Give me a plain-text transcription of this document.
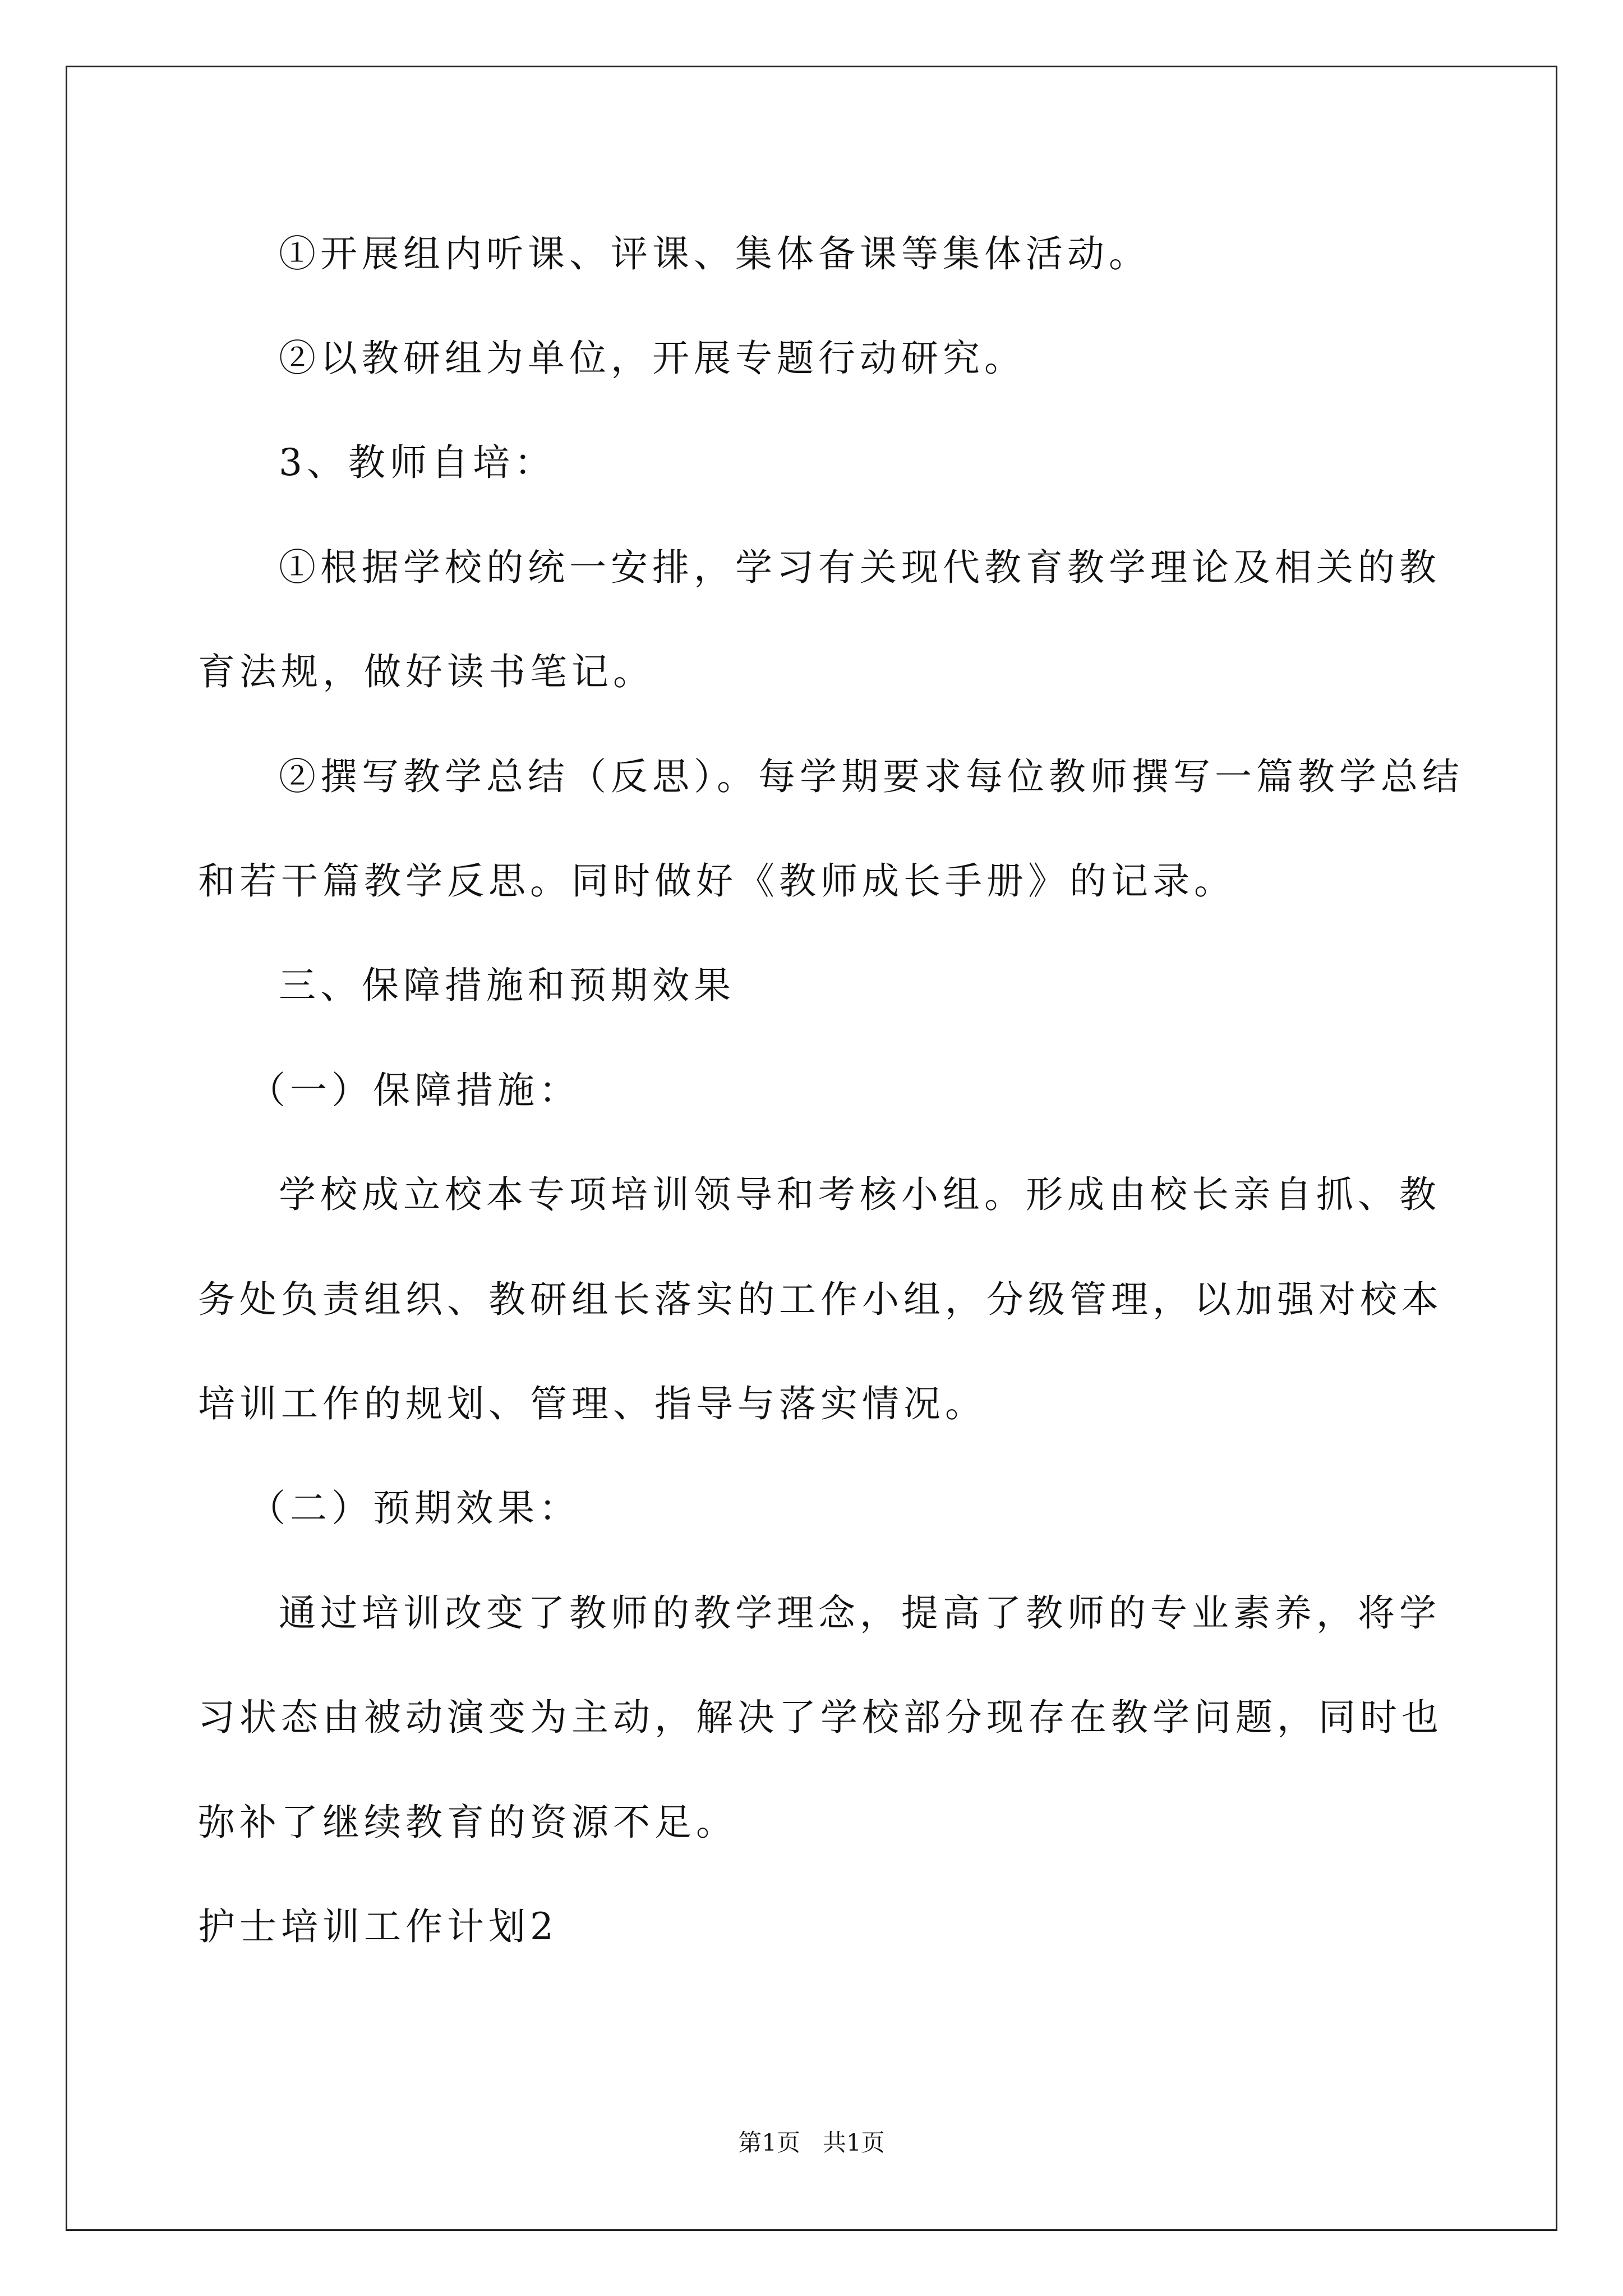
①开展组内听课、评课、集体备课等集体活动。
②以教研组为单位，开展专题行动研究。
3、教师自培：
①根据学校的统一安排，学习有关现代教育教学理论及相关的教
育法规，做好读书笔记。
②撰写教学总结（反思）。每学期要求每位教师撰写一篇教学总结
和若干篇教学反思。同时做好《教师成长手册》的记录。
三、保障措施和预期效果
（一）保障措施：
学校成立校本专项培训领导和考核小组。形成由校长亲自抓、教
务处负责组织、教研组长落实的工作小组，分级管理，以加强对校本
培训工作的规划、管理、指导与落实情况。
（二）预期效果：
通过培训改变了教师的教学理念，提高了教师的专业素养，将学
习状态由被动演变为主动，解决了学校部分现存在教学问题，同时也
弥补了继续教育的资源不足。
护士培训工作计划2
第1页   共1页
